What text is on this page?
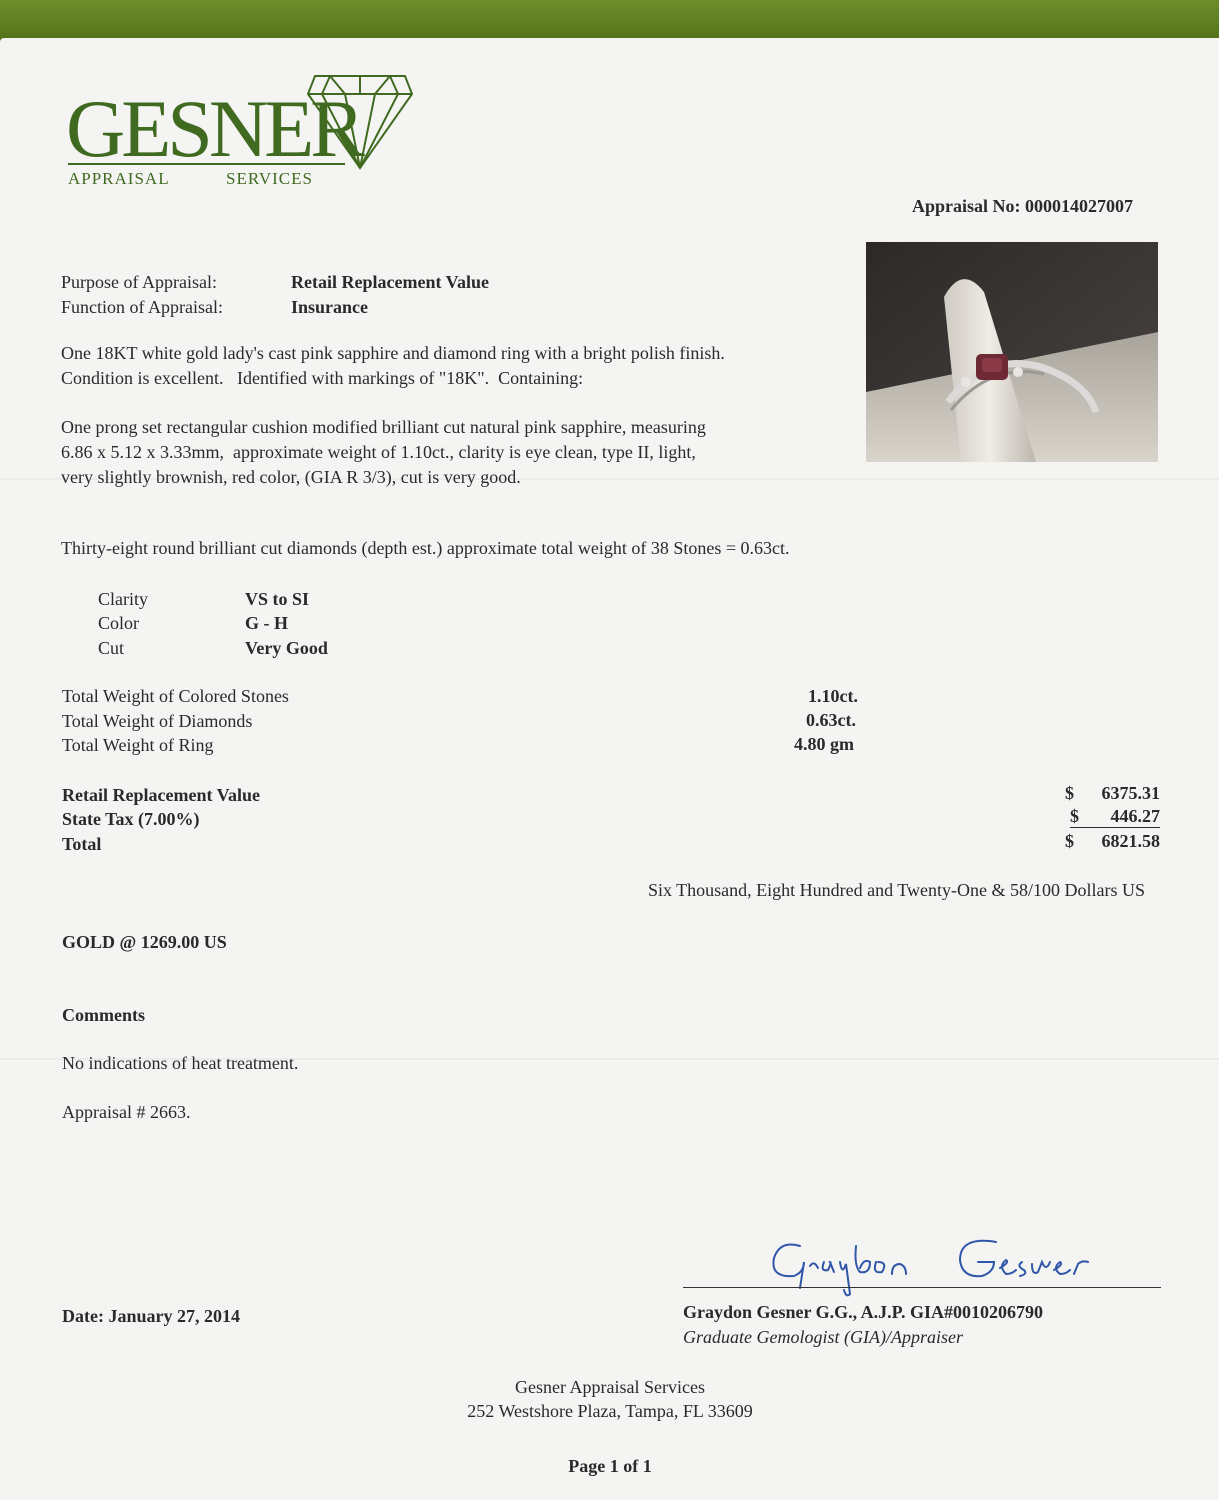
GESNER
APPRAISAL	SERVICES
Appraisal No: 000014027007
Purpose of Appraisal:	Retail Replacement Value
Function of Appraisal:	Insurance
One 18KT white gold lady's cast pink sapphire and diamond ring with a bright polish finish.
Condition is excellent.   Identified with markings of "18K".  Containing:
One prong set rectangular cushion modified brilliant cut natural pink sapphire, measuring
6.86 x 5.12 x 3.33mm,  approximate weight of 1.10ct., clarity is eye clean, type II, light,
very slightly brownish, red color, (GIA R 3/3), cut is very good.
Thirty-eight round brilliant cut diamonds (depth est.) approximate total weight of 38 Stones = 0.63ct.
Clarity	VS to SI
Color	G - H
Cut	Very Good
Total Weight of Colored Stones	1.10ct.
Total Weight of Diamonds	0.63ct.
Total Weight of Ring	4.80 gm
Retail Replacement Value	$	6375.31
State Tax (7.00%)	$ 446.27
Total	$	6821.58
Six Thousand, Eight Hundred and Twenty-One & 58/100 Dollars US
GOLD @ 1269.00 US
Comments
No indications of heat treatment.
Appraisal # 2663.
Graydon Gesner G.G., A.J.P. GIA#0010206790
Graduate Gemologist (GIA)/Appraiser
Date: January 27, 2014
Gesner Appraisal Services
252 Westshore Plaza, Tampa, FL 33609
Page 1 of 1
